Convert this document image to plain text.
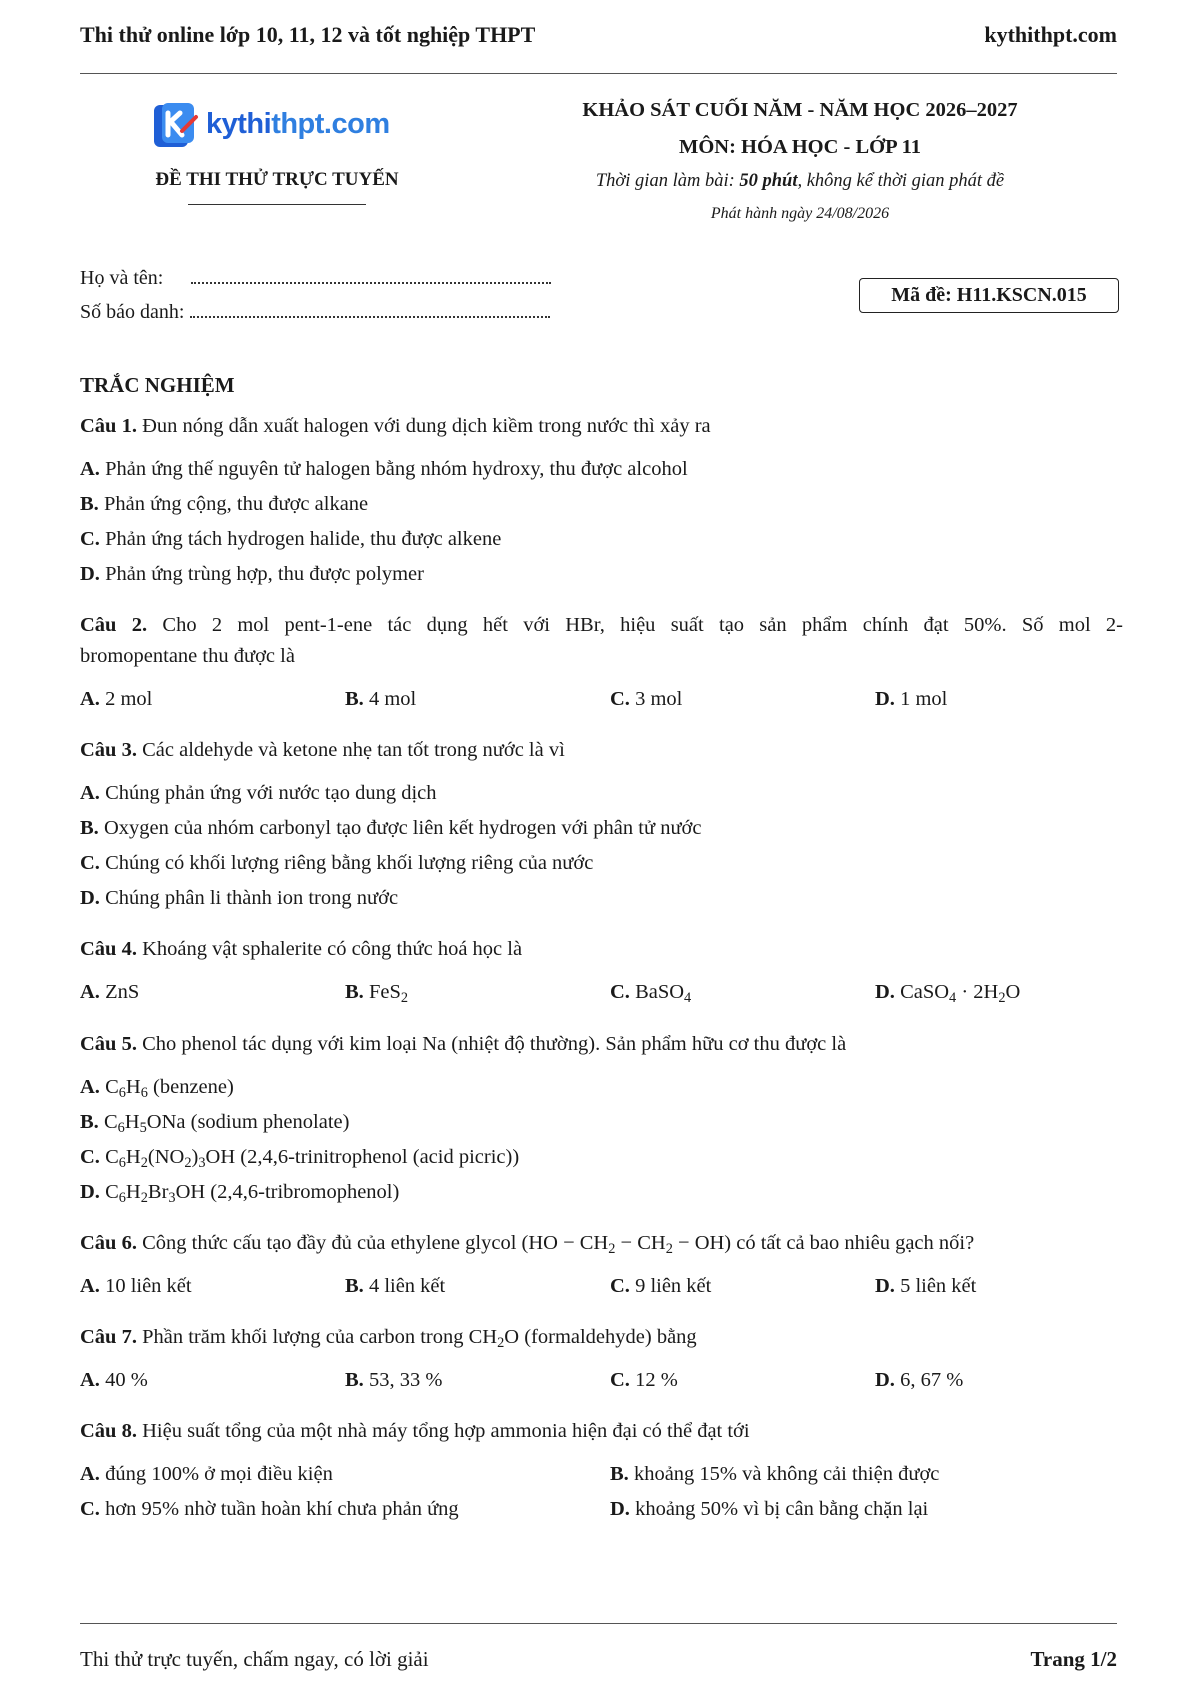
Thi thử online lớp 10, 11, 12 và tốt nghiệp THPT	kythithpt.com
kythithpt.com
ĐỀ THI THỬ TRỰC TUYẾN
KHẢO SÁT CUỐI NĂM - NĂM HỌC 2026–2027
MÔN: HÓA HỌC - LỚP 11
Thời gian làm bài: 50 phút, không kể thời gian phát đề
Phát hành ngày 24/08/2026
Họ và tên:
Số báo danh:
Mã đề: H11.KSCN.015
TRẮC NGHIỆM
Câu 1. Đun nóng dẫn xuất halogen với dung dịch kiềm trong nước thì xảy ra
A. Phản ứng thế nguyên tử halogen bằng nhóm hydroxy, thu được alcohol
B. Phản ứng cộng, thu được alkane
C. Phản ứng tách hydrogen halide, thu được alkene
D. Phản ứng trùng hợp, thu được polymer
Câu 2. Cho 2 mol pent-1-ene tác dụng hết với HBr, hiệu suất tạo sản phẩm chính đạt 50%. Số mol 2-
bromopentane thu được là
A. 2 mol	B. 4 mol	C. 3 mol	D. 1 mol
Câu 3. Các aldehyde và ketone nhẹ tan tốt trong nước là vì
A. Chúng phản ứng với nước tạo dung dịch
B. Oxygen của nhóm carbonyl tạo được liên kết hydrogen với phân tử nước
C. Chúng có khối lượng riêng bằng khối lượng riêng của nước
D. Chúng phân li thành ion trong nước
Câu 4. Khoáng vật sphalerite có công thức hoá học là
A. ZnS	B. FeS$_2$	C. BaSO$_4$	D. CaSO$_4$ · $2H_2O$
Câu 5. Cho phenol tác dụng với kim loại Na (nhiệt độ thường). Sản phẩm hữu cơ thu được là
A. $C_6H_6$ (benzene)
B. $C_6H_5ONa$ (sodium phenolate)
C. $C_6H_2(NO_2)_3OH$ (2,4,6-trinitrophenol (acid picric))
D. $C_6H_2Br_3OH$ (2,4,6-tribromophenol)
Câu 6. Công thức cấu tạo đầy đủ của ethylene glycol $(HO - CH_2 - CH_2 - OH)$ có tất cả bao nhiêu gạch nối?
A. 10 liên kết	B. 4 liên kết	C. 9 liên kết	D. 5 liên kết
Câu 7. Phần trăm khối lượng của carbon trong $CH_2O$ (formaldehyde) bằng
A. 40 %	B. 53, 33 %	C. 12 %	D. 6, 67 %
Câu 8. Hiệu suất tổng của một nhà máy tổng hợp ammonia hiện đại có thể đạt tới
A. đúng 100% ở mọi điều kiện	B. khoảng 15% và không cải thiện được
C. hơn 95% nhờ tuần hoàn khí chưa phản ứng	D. khoảng 50% vì bị cân bằng chặn lại
Thi thử trực tuyến, chấm ngay, có lời giải	Trang 1/2
